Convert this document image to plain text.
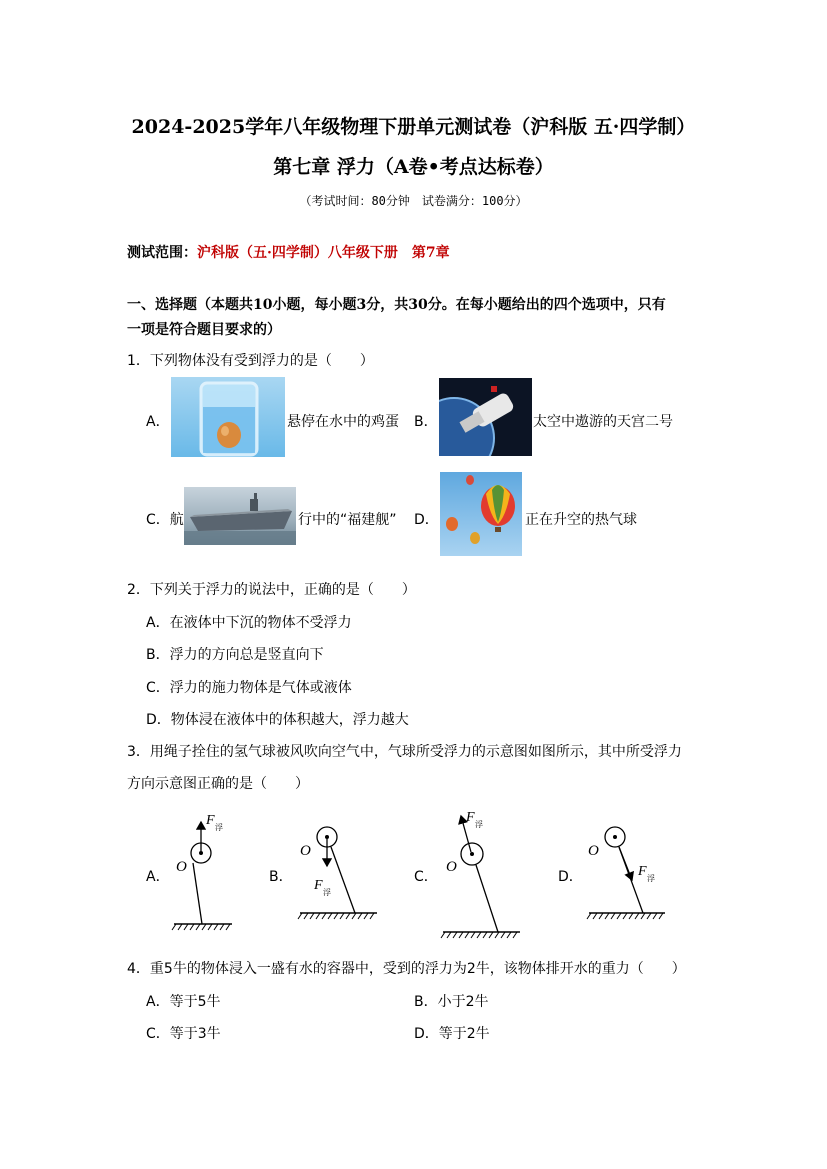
2024-2025学年八年级物理下册单元测试卷（沪科版 五·四学制）
第七章 浮力（A卷•考点达标卷）
（考试时间：80分钟　试卷满分：100分）
测试范围：沪科版（五·四学制）八年级下册　第7章
一、选择题（本题共10小题，每小题3分，共30分。在每小题给出的四个选项中，只有
一项是符合题目要求的）
1．下列物体没有受到浮力的是（　　）
A．	悬停在水中的鸡蛋 B．	太空中遨游的天宫二号
C．航	行中的“福建舰” D．	正在升空的热气球
2．下列关于浮力的说法中，正确的是（　　）
A．在液体中下沉的物体不受浮力
B．浮力的方向总是竖直向下
C．浮力的施力物体是气体或液体
D．物体浸在液体中的体积越大，浮力越大
3．用绳子拴住的氢气球被风吹向空气中，气球所受浮力的示意图如图所示，其中所受浮力
方向示意图正确的是（　　）
A．	B．	C．	D．
O
F 浮
O
F 浮
O
F 浮
O
F 浮
4．重5牛的物体浸入一盛有水的容器中，受到的浮力为2牛，该物体排开水的重力（　　）
A．等于5牛	B．小于2牛
C．等于3牛	D．等于2牛
